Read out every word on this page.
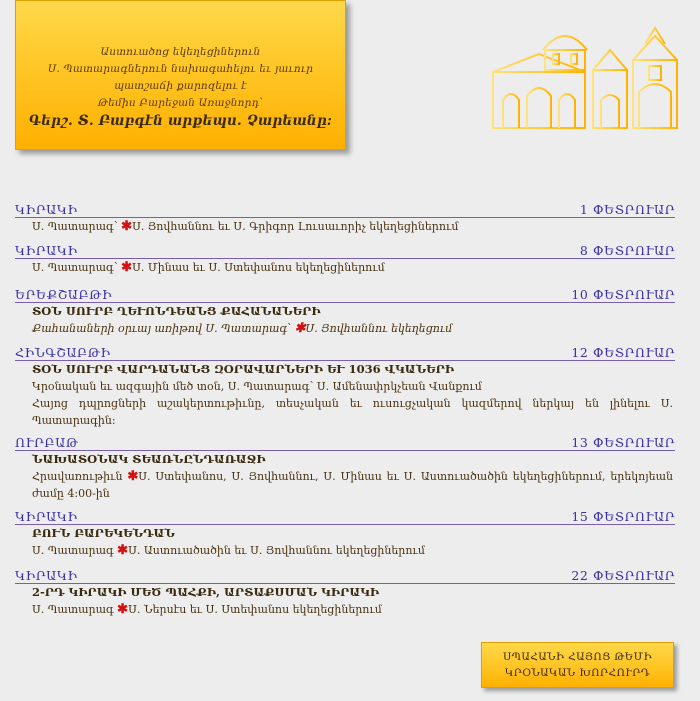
Աստուածոց եկեղեցիներուն
Ս. Պատարագներուն նախագահելու եւ յաւուր
պատշաճի քարոզելու է
Թեմիս Բարեջան Առաջնորդ՝
Գերշ. Տ. Բաբգէն արքեպս. Չարեանը:
ԿԻՐԱԿԻ	1 ՓԵՏՐՈՒԱՐ
Ս. Պատարագ՝ ✱Ս. Յովհաննու եւ Ս. Գրիգոր Լուսաւորիչ եկեղեցիներում
ԿԻՐԱԿԻ	8 ՓԵՏՐՈՒԱՐ
Ս. Պատարագ՝ ✱Ս. Մինաս եւ Ս. Ստեփանոս եկեղեցիներում
ԵՐԵՔՇԱԲԹԻ	10 ՓԵՏՐՈՒԱՐ
ՏՕՆ ՍՈՒՐԲ ՂԵՒՈՆԴԵԱՆՑ ՔԱՀԱՆԱՆԵՐԻ
Քահանաների օրւայ առիթով Ս. Պատարագ՝ ✱Ս. Յովհաննու եկեղեցում
ՀԻՆԳՇԱԲԹԻ	12 ՓԵՏՐՈՒԱՐ
ՏՕՆ ՍՈՒՐԲ ՎԱՐԴԱՆԱՆՑ ԶՕՐԱՎԱՐՆԵՐԻ ԵՒ 1036 ՎԿԱՆԵՐԻ
Կրօնական եւ ազգային մեծ տօն, Ս. Պատարագ՝ Ս. Ամենափրկչեան Վանքում
Հայոց դպրոցների աշակերտութիւնը, տեսչական եւ ուսուցչական կազմերով ներկայ են լինելու Ս. Պատարագին:
ՈՒՐԲԱԹ	13 ՓԵՏՐՈՒԱՐ
ՆԱԽԱՏՕՆԱԿ ՏԵԱՌՆԸՆԴԱՌԱՋԻ
Հրավառութիւն ✱Ս. Ստեփանոս, Ս. Յովհաննու, Ս. Մինաս եւ Ս. Աստուածածին եկեղեցիներում, երեկոյեան ժամը 4:00-ին
ԿԻՐԱԿԻ	15 ՓԵՏՐՈՒԱՐ
ԲՈՒՆ ԲԱՐԵԿԵՆԴԱՆ
Ս. Պատարագ ✱Ս. Աստուածածին եւ Ս. Յովհաննու եկեղեցիներում
ԿԻՐԱԿԻ	22 ՓԵՏՐՈՒԱՐ
2-ՐԴ ԿԻՐԱԿԻ ՄԵԾ ՊԱՀՔԻ, ԱՐՏԱՔՍՄԱՆ ԿԻՐԱԿԻ
Ս. Պատարագ ✱Ս. Ներսէս եւ Ս. Ստեփանոս եկեղեցիներում
ՍՊԱՀԱՆԻ ՀԱՅՈՑ ԹԵՄԻ
ԿՐՕՆԱԿԱՆ ԽՈՐՀՈՒՐԴ
